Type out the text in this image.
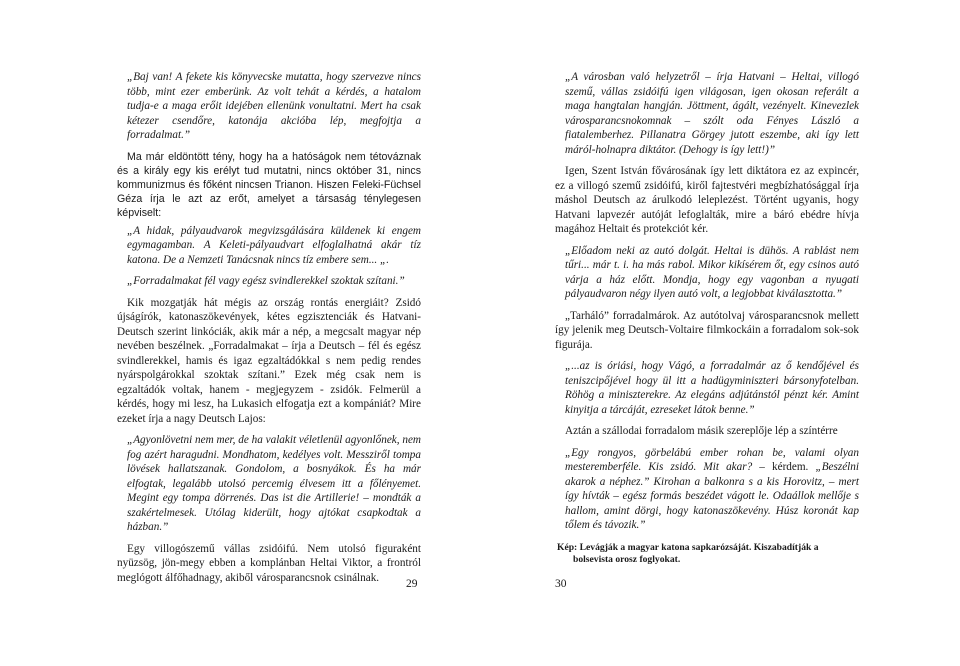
„Baj van! A fekete kis könyvecske mutatta, hogy szervezve nincs több, mint ezer emberünk. Az volt tehát a kérdés, a hatalom tudja-e a maga erőit idejében ellenünk vonultatni. Mert ha csak kétezer csendőre, katonája akcióba lép, megfojtja a forradalmat.”

Ma már eldöntött tény, hogy ha a hatóságok nem tétováznak és a király egy kis erélyt tud mutatni, nincs október 31, nincs kommunizmus és főként nincsen Trianon. Hiszen Feleki-Füchsel Géza írja le azt az erőt, amelyet a társaság ténylegesen képviselt:

„A hidak, pályaudvarok megvizsgálására küldenek ki engem egymagamban. A Keleti-pályaudvart elfoglalhatná akár tíz katona. De a Nemzeti Tanácsnak nincs tíz embere sem... „.

„Forradalmakat fél vagy egész svindlerekkel szoktak szítani.”

Kik mozgatják hát mégis az ország rontás energiáit? Zsidó újságírók, katonaszökevények, kétes egzisztenciák és Hatvani-Deutsch szerint linkóciák, akik már a nép, a megcsalt magyar nép nevében beszélnek. „Forradalmakat – írja a Deutsch – fél és egész svindlerekkel, hamis és igaz egzaltádókkal s nem pedig rendes nyárspolgárokkal szoktak szítani.” Ezek még csak nem is egzaltádók voltak, hanem - megjegyzem - zsidók. Felmerül a kérdés, hogy mi lesz, ha Lukasich elfogatja ezt a kompániát? Mire ezeket írja a nagy Deutsch Lajos:

„Agyonlövetni nem mer, de ha valakit véletlenül agyonlőnek, nem fog azért haragudni. Mondhatom, kedélyes volt. Messziről tompa lövések hallatszanak. Gondolom, a bosnyákok. És ha már elfogtak, legalább utolsó percemig élvesem itt a főlényemet. Megint egy tompa dörrenés. Das ist die Artillerie! – mondták a szakértelmesek. Utólag kiderült, hogy ajtókat csapkodtak a házban.”

Egy villogószemű vállas zsidóifú. Nem utolsó figuraként nyüzsög, jön-megy ebben a komplánban Heltai Viktor, a frontról meglógott álfőhadnagy, akiből városparancsnok csinálnak.

29

„A városban való helyzetről – írja Hatvani – Heltai, villogó szemű, vállas zsidóifú igen világosan, igen okosan referált a maga hangtalan hangján. Jöttment, ágált, vezényelt. Kinevezlek városparancsnokomnak – szólt oda Fényes László a fiatalemberhez. Pillanatra Görgey jutott eszembe, aki így lett máról-holnapra diktátor. (Dehogy is így lett!)”

Igen, Szent István fővárosának így lett diktátora ez az expincér, ez a villogó szemű zsidóifú, kiről fajtestvéri megbízhatósággal írja máshol Deutsch az árulkodó leleplezést. Történt ugyanis, hogy Hatvani lapvezér autóját lefoglalták, mire a báró ebédre hívja magához Heltait és protekciót kér.

„Előadom neki az autó dolgát. Heltai is dühös. A rablást nem tűri... már t. i. ha más rabol. Mikor kikísérem őt, egy csinos autó várja a ház előtt. Mondja, hogy egy vagonban a nyugati pályaudvaron négy ilyen autó volt, a legjobbat kiválasztotta.”

„Tarháló” forradalmárok. Az autótolvaj városparancsnok mellett így jelenik meg Deutsch-Voltaire filmkockáin a forradalom sok-sok figurája.

„...az is óriási, hogy Vágó, a forradalmár az ő kendőjével és teniszcipőjével hogy ül itt a hadügyminiszteri bársonyfotelban. Röhög a miniszterekre. Az elegáns adjútánstól pénzt kér. Amint kinyitja a tárcáját, ezreseket látok benne.”

Aztán a szállodai forradalom másik szereplője lép a színtérre

„Egy rongyos, görbelábú ember rohan be, valami olyan mesteremberféle. Kis zsidó. Mit akar? – kérdem. „Beszélni akarok a néphez.” Kirohan a balkonra s a kis Horovitz, – mert így hívták – egész formás beszédet vágott le. Odaállok mellője s hallom, amint dörgi, hogy katonaszökevény. Húsz koronát kap tőlem és távozik.”

Kép: Levágják a magyar katona sapkarózsáját. Kiszabadítják a
bolsevista orosz foglyokat.
30
